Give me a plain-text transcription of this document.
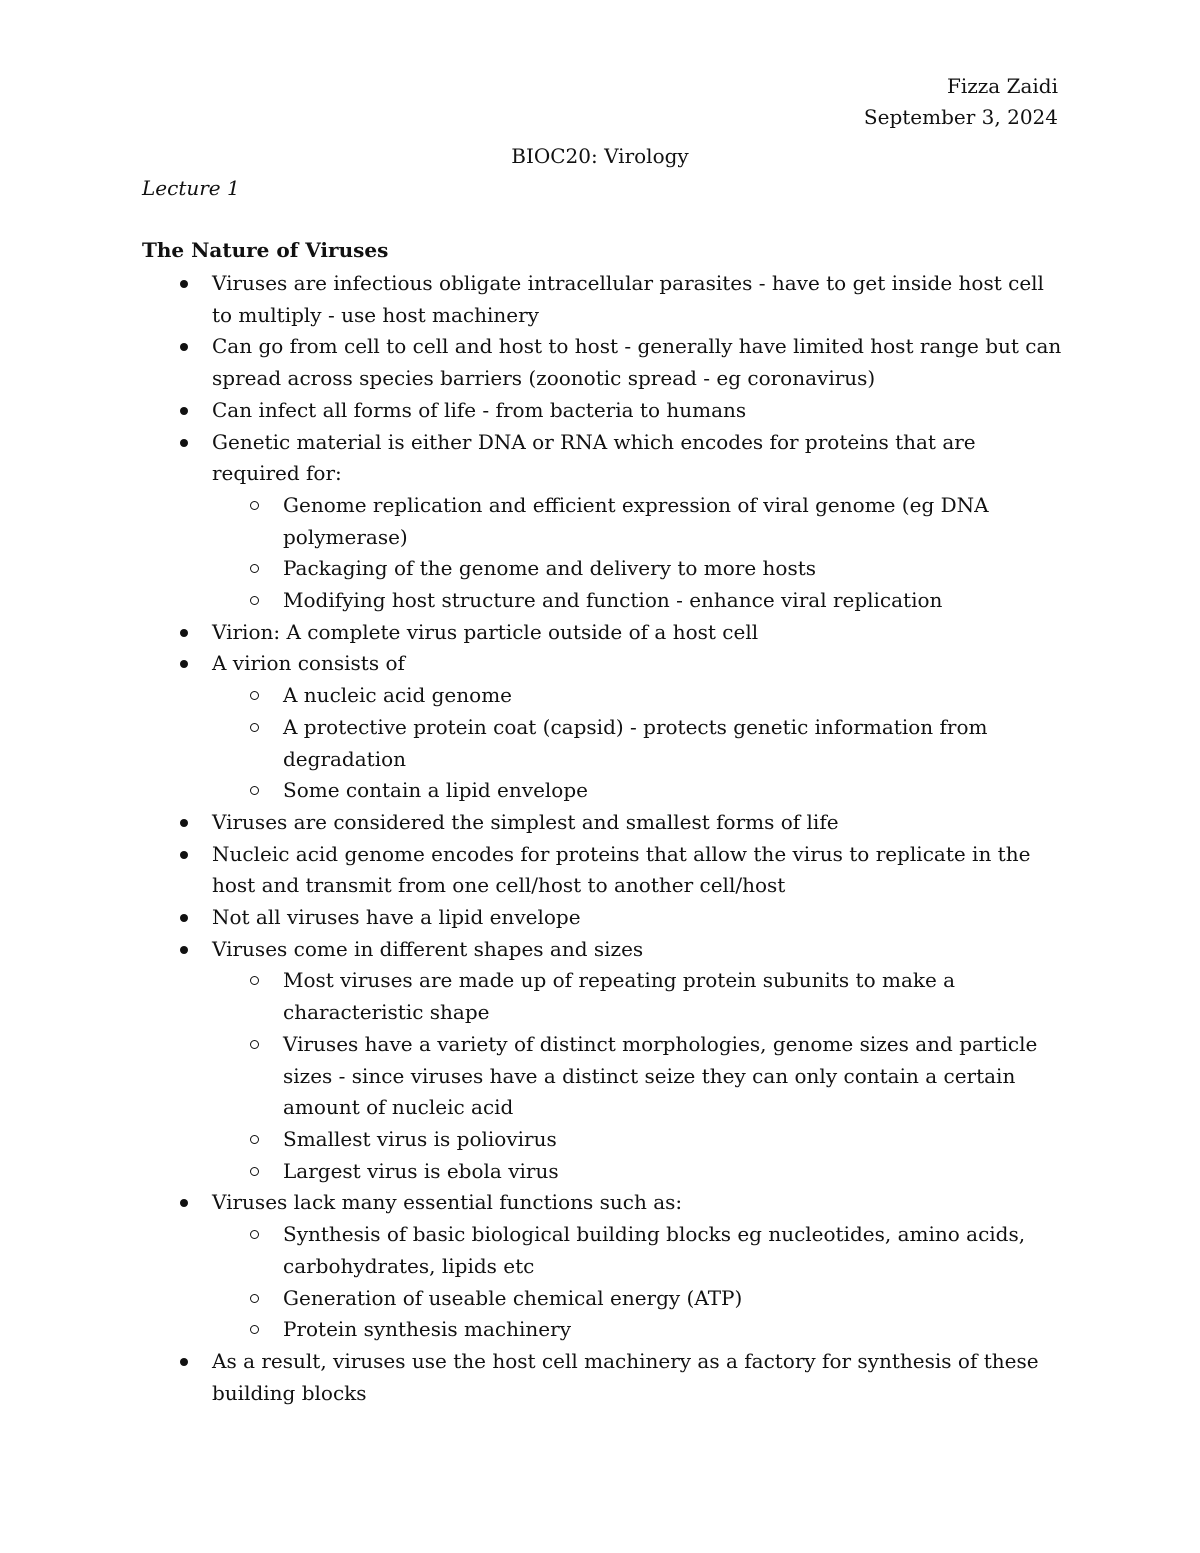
Fizza Zaidi
September 3, 2024
BIOC20: Virology
Lecture 1
The Nature of Viruses
Viruses are infectious obligate intracellular parasites - have to get inside host cell to multiply - use host machinery
Can go from cell to cell and host to host - generally have limited host range but can spread across species barriers (zoonotic spread - eg coronavirus)
Can infect all forms of life - from bacteria to humans
Genetic material is either DNA or RNA which encodes for proteins that are required for:
Genome replication and efficient expression of viral genome (eg DNA polymerase)
Packaging of the genome and delivery to more hosts
Modifying host structure and function - enhance viral replication
Virion: A complete virus particle outside of a host cell
A virion consists of
A nucleic acid genome
A protective protein coat (capsid) - protects genetic information from degradation
Some contain a lipid envelope
Viruses are considered the simplest and smallest forms of life
Nucleic acid genome encodes for proteins that allow the virus to replicate in the host and transmit from one cell/host to another cell/host
Not all viruses have a lipid envelope
Viruses come in different shapes and sizes
Most viruses are made up of repeating protein subunits to make a characteristic shape
Viruses have a variety of distinct morphologies, genome sizes and particle sizes - since viruses have a distinct seize they can only contain a certain amount of nucleic acid
Smallest virus is poliovirus
Largest virus is ebola virus
Viruses lack many essential functions such as:
Synthesis of basic biological building blocks eg nucleotides, amino acids, carbohydrates, lipids etc
Generation of useable chemical energy (ATP)
Protein synthesis machinery
As a result, viruses use the host cell machinery as a factory for synthesis of these building blocks
